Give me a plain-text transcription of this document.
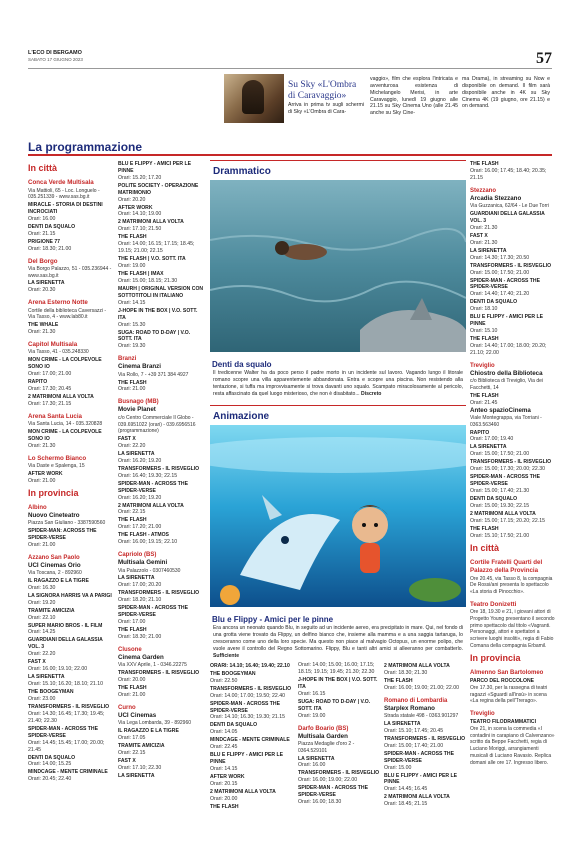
L'ECO DI BERGAMO
SABATO 17 GIUGNO 2023	57
Su Sky «L'Ombra di Caravaggio»
Arriva in prima tv sugli schermi di Sky «L'Ombra di Cara-
vaggio», film che esplora l'intricata e avventurosa esistenza di Michelangelo Merisi, in arte Caravaggio, lunedì 19 giugno alle 21.15 su Sky Cinema Uno (alle 21.45 anche su Sky Cine-
ma Drama), in streaming su Now e disponibile on demand. Il film sarà disponibile anche in 4K su Sky Cinema 4K (19 giugno, ore 21.15) e on demand.
La programmazione
In città
Conca Verde Multisala
Via Mattioli, 65 - Loc. Longuelo - 035.251339 - www.sas.bg.it
MIRACLE - STORIA DI DESTINI INCROCIATI
Orari: 16.00
DENTI DA SQUALO
Orari: 21.15
PRIGIONE 77
Orari: 18.30; 21.00
Del Borgo
Via Borgo Palazzo, 51 - 035.236944 - www.sas.bg.it
LA SIRENETTA
Orari: 20.30
Arena Esterno Notte
Cortile della biblioteca Caversazzi - Via Tasso, 4 - www.lab80.it
THE WHALE
Orari: 21.30
Capitol Multisala
Via Tasso, 41 - 035.248330
MON CRIME - LA COLPEVOLE SONO IO
Orari: 17.00; 21.00
RAPITO
Orari: 17.30; 20.45
2 MATRIMONI ALLA VOLTA
Orari: 17.30; 21.15
Arena Santa Lucia
Via Santa Lucia, 14 - 035.320828
MON CRIME - LA COLPEVOLE SONO IO
Orari: 21.30
Lo Schermo Bianco
Via Daste e Spalenga, 15
AFTER WORK
Orari: 21.00
In provincia
Albino
Nuovo Cineteatro
Piazza San Giuliano - 3387590560
SPIDER-MAN: ACROSS THE SPIDER-VERSE
Orari: 21.00
Azzano San Paolo
UCI Cinemas Orio
Via Toscana, 2 - 892960
IL RAGAZZO E LA TIGRE
Orari: 16.30
LA SIGNORA HARRIS VA A PARIGI
Orari: 19.20
TRAMITE AMICIZIA
Orari: 22.10
SUPER MARIO BROS - IL FILM
Orari: 14.25
GUARDIANI DELLA GALASSIA VOL. 3
Orari: 22.20
FAST X
Orari: 16.00; 19.10; 22.00
LA SIRENETTA
Orari: 15.10; 16.20; 18.10; 21.10
THE BOOGEYMAN
Orari: 23.00
TRANSFORMERS - IL RISVEGLIO
Orari: 14.30; 16.45; 17.30; 19.45; 21.40; 22.30
SPIDER-MAN - ACROSS THE SPIDER-VERSE
Orari: 14.45; 15.45; 17.00; 20.00; 21.45
DENTI DA SQUALO
Orari: 14.00; 15.25
MINDCAGE - MENTE CRIMINALE
Orari: 20.45; 22.40
BLU E FLIPPY - AMICI PER LE PINNE
Orari: 15.20; 17.20
POLITE SOCIETY - OPERAZIONE MATRIMONIO
Orari: 20.20
AFTER WORK
Orari: 14.10; 19.00
2 MATRIMONI ALLA VOLTA
Orari: 17.10; 21.50
THE FLASH
Orari: 14.00; 16.15; 17.15; 18.45; 19.15; 21.00; 22.15
THE FLASH | V.O. SOTT. ITA
Orari: 19.00
THE FLASH | IMAX
Orari: 15.00; 18.15; 21.30
MAURH | ORIGINAL VERSION CON SOTTOTITOLI IN ITALIANO
Orari: 14.15
J-HOPE IN THE BOX | V.O. SOTT. ITA
Orari: 15.30
SUGA: ROAD TO D-DAY | V.O. SOTT. ITA
Orari: 19.30
Branzi
Cinema Branzi
Via Rollo, 7 - +39 371 384 4927
THE FLASH
Orari: 21.00
Busnago (MB)
Movie Planet
c/o Centro Commerciale Il Globo - 039.6951022 (orari) - 039.6956516 (programmazione)
FAST X
Orari: 22.20
LA SIRENETTA
Orari: 16.20; 19.20
TRANSFORMERS - IL RISVEGLIO
Orari: 16.40; 19.30; 22.15
SPIDER-MAN - ACROSS THE SPIDER-VERSE
Orari: 16.20; 19.20
2 MATRIMONI ALLA VOLTA
Orari: 22.15
THE FLASH
Orari: 17.20; 21.00
THE FLASH - ATMOS
Orari: 16.00; 19.15; 22.10
Capriolo (BS)
Multisala Gemini
Via Palazzolo - 0307460530
LA SIRENETTA
Orari: 17.00; 20.20
TRANSFORMERS - IL RISVEGLIO
Orari: 18.20; 21.10
SPIDER-MAN - ACROSS THE SPIDER-VERSE
Orari: 17.00
THE FLASH
Orari: 18.30; 21.00
Clusone
Cinema Garden
Via XXV Aprile, 1 - 0346.22275
TRANSFORMERS - IL RISVEGLIO
Orari: 20.00
THE FLASH
Orari: 21.00
Curno
UCI Cinemas
Via Lega Lombarda, 39 - 892960
IL RAGAZZO E LA TIGRE
Orari: 17.05
TRAMITE AMICIZIA
Orari: 22.15
FAST X
Orari: 17.10; 22.30
LA SIRENETTA
ORARI: 14.10; 16.40; 19.40; 22.10
THE BOOGEYMAN
Orari: 22.50
TRANSFORMERS - IL RISVEGLIO
Orari: 14.00; 17.00; 19.50; 22.40
SPIDER-MAN - ACROSS THE SPIDER-VERSE
Orari: 14.10; 16.30; 19.30; 21.15
DENTI DA SQUALO
Orari: 14.05
MINDCAGE - MENTE CRIMINALE
Orari: 22.45
BLU E FLIPPY - AMICI PER LE PINNE
Orari: 14.15
AFTER WORK
Orari: 20.15
2 MATRIMONI ALLA VOLTA
Orari: 20.00
THE FLASH
Orari: 14.00; 15.00; 16.00; 17.15; 18.15; 19.15; 19.45; 21.30; 22.30
J-HOPE IN THE BOX | V.O. SOTT. ITA
Orari: 16.15
SUGA: ROAD TO D-DAY | V.O. SOTT. ITA
Orari: 19.00
Darfo Boario (BS)
Multisala Garden
Piazza Medaglie d'oro 2 - 0364.529101
LA SIRENETTA
Orari: 16.00
TRANSFORMERS - IL RISVEGLIO
Orari: 16.00; 19.00; 22.00
SPIDER-MAN - ACROSS THE SPIDER-VERSE
Orari: 16.00; 18.30
2 MATRIMONI ALLA VOLTA
Orari: 18.30; 21.30
THE FLASH
Orari: 16.00; 19.00; 21.00; 22.00
Romano di Lombardia
Starplex Romano
Strada statale 498 - 0363.901297
LA SIRENETTA
Orari: 15.10; 17.45; 20.45
TRANSFORMERS - IL RISVEGLIO
Orari: 15.00; 17.40; 21.00
SPIDER-MAN - ACROSS THE SPIDER-VERSE
Orari: 15.00
BLU E FLIPPY - AMICI PER LE PINNE
Orari: 14.45; 16.45
2 MATRIMONI ALLA VOLTA
Orari: 18.45; 21.15
THE FLASH
Orari: 16.00; 17.45; 18.40; 20.35; 21.15
Stezzano
Arcadia Stezzano
Via Guzzanica, 62/64 - Le Due Torri
GUARDIANI DELLA GALASSIA VOL. 3
Orari: 21.30
FAST X
Orari: 21.30
LA SIRENETTA
Orari: 14.30; 17.30; 20.50
TRANSFORMERS - IL RISVEGLIO
Orari: 15.00; 17.50; 21.00
SPIDER-MAN - ACROSS THE SPIDER-VERSE
Orari: 14.40; 17.40; 21.20
DENTI DA SQUALO
Orari: 18.10
BLU E FLIPPY - AMICI PER LE PINNE
Orari: 15.10
THE FLASH
Orari: 14.40; 17.00; 18.00; 20.20; 21.10; 22.00
Treviglio
Chiostro della Biblioteca
c/o Biblioteca di Treviglio, Via dei Facchetti, 14
THE FLASH
Orari: 21.45
Anteo spazioCinema
Viale Montegrappa, via Torriani - 0363.563460
RAPITO
Orari: 17.00; 19.40
LA SIRENETTA
Orari: 15.00; 17.50; 21.00
TRANSFORMERS - IL RISVEGLIO
Orari: 15.00; 17.30; 20.00; 22.30
SPIDER-MAN - ACROSS THE SPIDER-VERSE
Orari: 15.00; 17.40; 21.30
DENTI DA SQUALO
Orari: 15.00; 19.30; 22.15
2 MATRIMONI ALLA VOLTA
Orari: 15.00; 17.15; 20.20; 22.15
THE FLASH
Orari: 15.10; 17.50; 21.00
In città
Cortile Fratelli Quarti del Palazzo della Provincia
Ore 20.45, via Tasso 8, la compagnia De Rossi/ani presenta lo spettacolo «La storia di Pinocchio».
Teatro Donizetti
Ore 18, 19.30 e 21, i giovani attori di Progetto Young presentano il secondo primo spettacolo dal titolo «Vagranti. Personaggi, attori e spettatori a scrivere luoghi insoliti», regia di Fabio Comana della compagnia Erbamil.
In provincia
Almenno San Bartolomeo
PARCO DEL ROCCOLONE
Ore 17.30, per la rassegna di teatri ragazzi «Sguardi all'insù» in scena «La regina della pell'Trerago».
Treviglio
TEATRO FILODRAMMATICI
Ore 21, in scena la commedia «I contadini in carapiano di Calvenzano» scritto da Beppe Facchetti, regia di Luciano Moriggi, arrangiamenti musicali di Luciano Ravasio. Replica domani alle ore 17. Ingresso libero.
Drammatico
Denti da squalo
Il tredicenne Walter ha da poco perso il padre morto in un incidente sul lavoro. Vagando lungo il litorale romano scopre una villa apparentemente abbandonata. Entra e scopre una piscina. Non resistendo alla tentazione, si tuffa ma improvvisamente si trova davanti uno squalo. Scampato miracolosamente al pericolo, resta affascinato da quel luogo misterioso, che non è disabitato... Discreto
Animazione
Blu e Flippy - Amici per le pinne
Era ancora un neonato quando Blu, in seguito ad un incidente aereo, era precipitato in mare. Qui, nel fondo di una grotta viene trovato da Flippy, un delfino bianco che, insieme alla mamma e a una saggia tartaruga, lo cresceranno come uno della loro specie. Ma questo non piace al malvagio Octopus, un enorme polipo, che vuole avere il controllo del Regno Sottomarino. Flippy, Blu e tanti altri amici si alleeranno per combatterlo. Sufficiente
